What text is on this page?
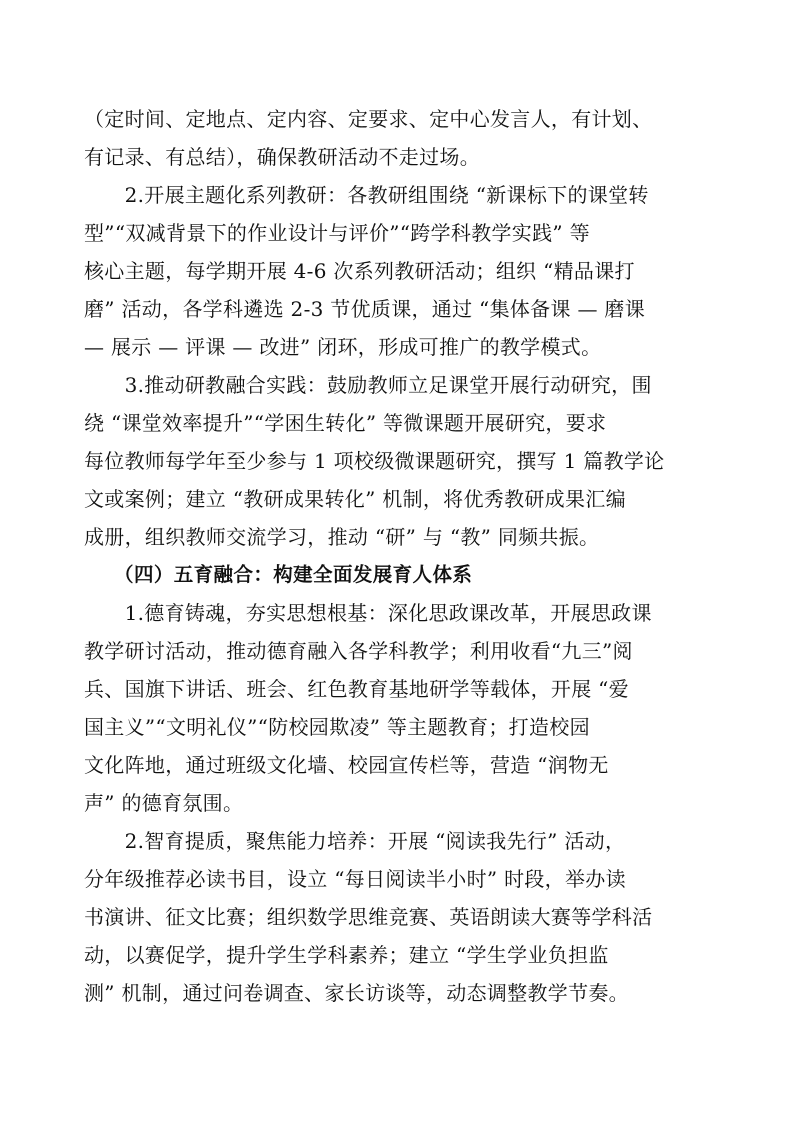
（定时间、定地点、定内容、定要求、定中心发言人，有计划、
有记录、有总结），确保教研活动不走过场。
　　2.开展主题化系列教研：各教研组围绕 “新课标下的课堂转
型”“双减背景下的作业设计与评价”“跨学科教学实践” 等
核心主题，每学期开展 4-6 次系列教研活动；组织 “精品课打
磨” 活动，各学科遴选 2-3 节优质课，通过 “集体备课 — 磨课
— 展示 — 评课 — 改进” 闭环，形成可推广的教学模式。
　　3.推动研教融合实践：鼓励教师立足课堂开展行动研究，围
绕 “课堂效率提升”“学困生转化” 等微课题开展研究，要求
每位教师每学年至少参与 1 项校级微课题研究，撰写 1 篇教学论
文或案例；建立 “教研成果转化” 机制，将优秀教研成果汇编
成册，组织教师交流学习，推动 “研” 与 “教” 同频共振。
　　（四）五育融合：构建全面发展育人体系
　　1.德育铸魂，夯实思想根基：深化思政课改革，开展思政课
教学研讨活动，推动德育融入各学科教学；利用收看“九三”阅
兵、国旗下讲话、班会、红色教育基地研学等载体，开展 “爱
国主义”“文明礼仪”“防校园欺凌” 等主题教育；打造校园
文化阵地，通过班级文化墙、校园宣传栏等，营造 “润物无
声” 的德育氛围。
　　2.智育提质，聚焦能力培养：开展 “阅读我先行” 活动，
分年级推荐必读书目，设立 “每日阅读半小时” 时段，举办读
书演讲、征文比赛；组织数学思维竞赛、英语朗读大赛等学科活
动，以赛促学，提升学生学科素养；建立 “学生学业负担监
测” 机制，通过问卷调查、家长访谈等，动态调整教学节奏。
